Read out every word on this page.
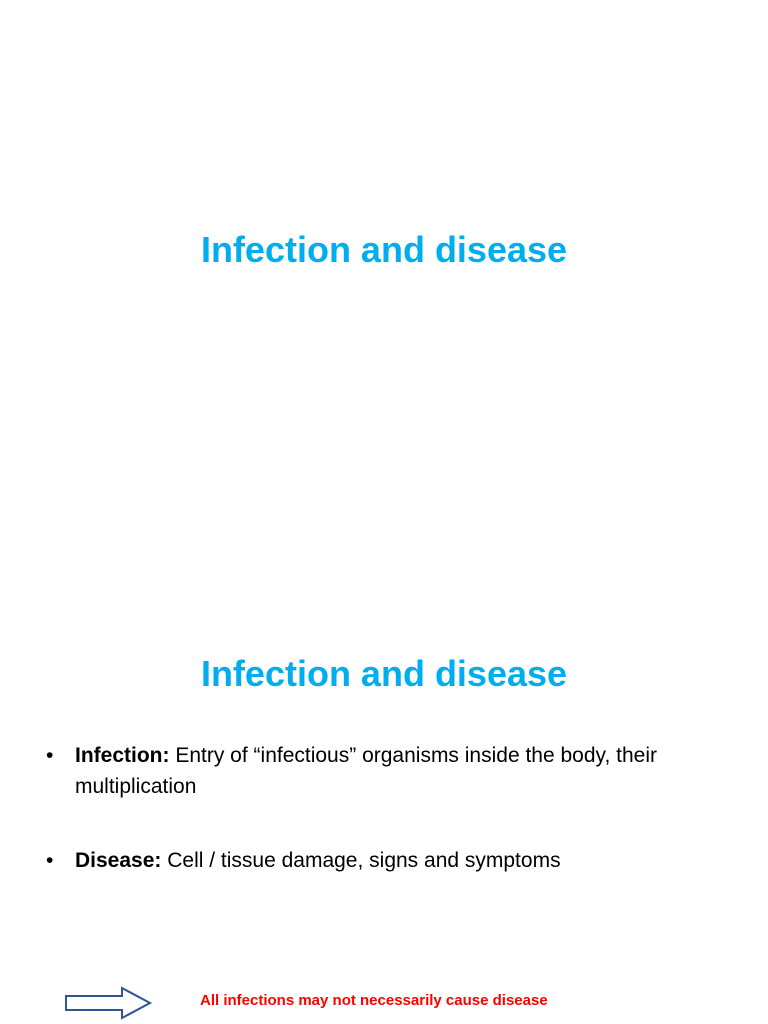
Infection and disease
Infection and disease
•	Infection: Entry of “infectious” organisms inside the body, their multiplication
•	Disease: Cell / tissue damage, signs and symptoms
All infections may not necessarily cause disease
